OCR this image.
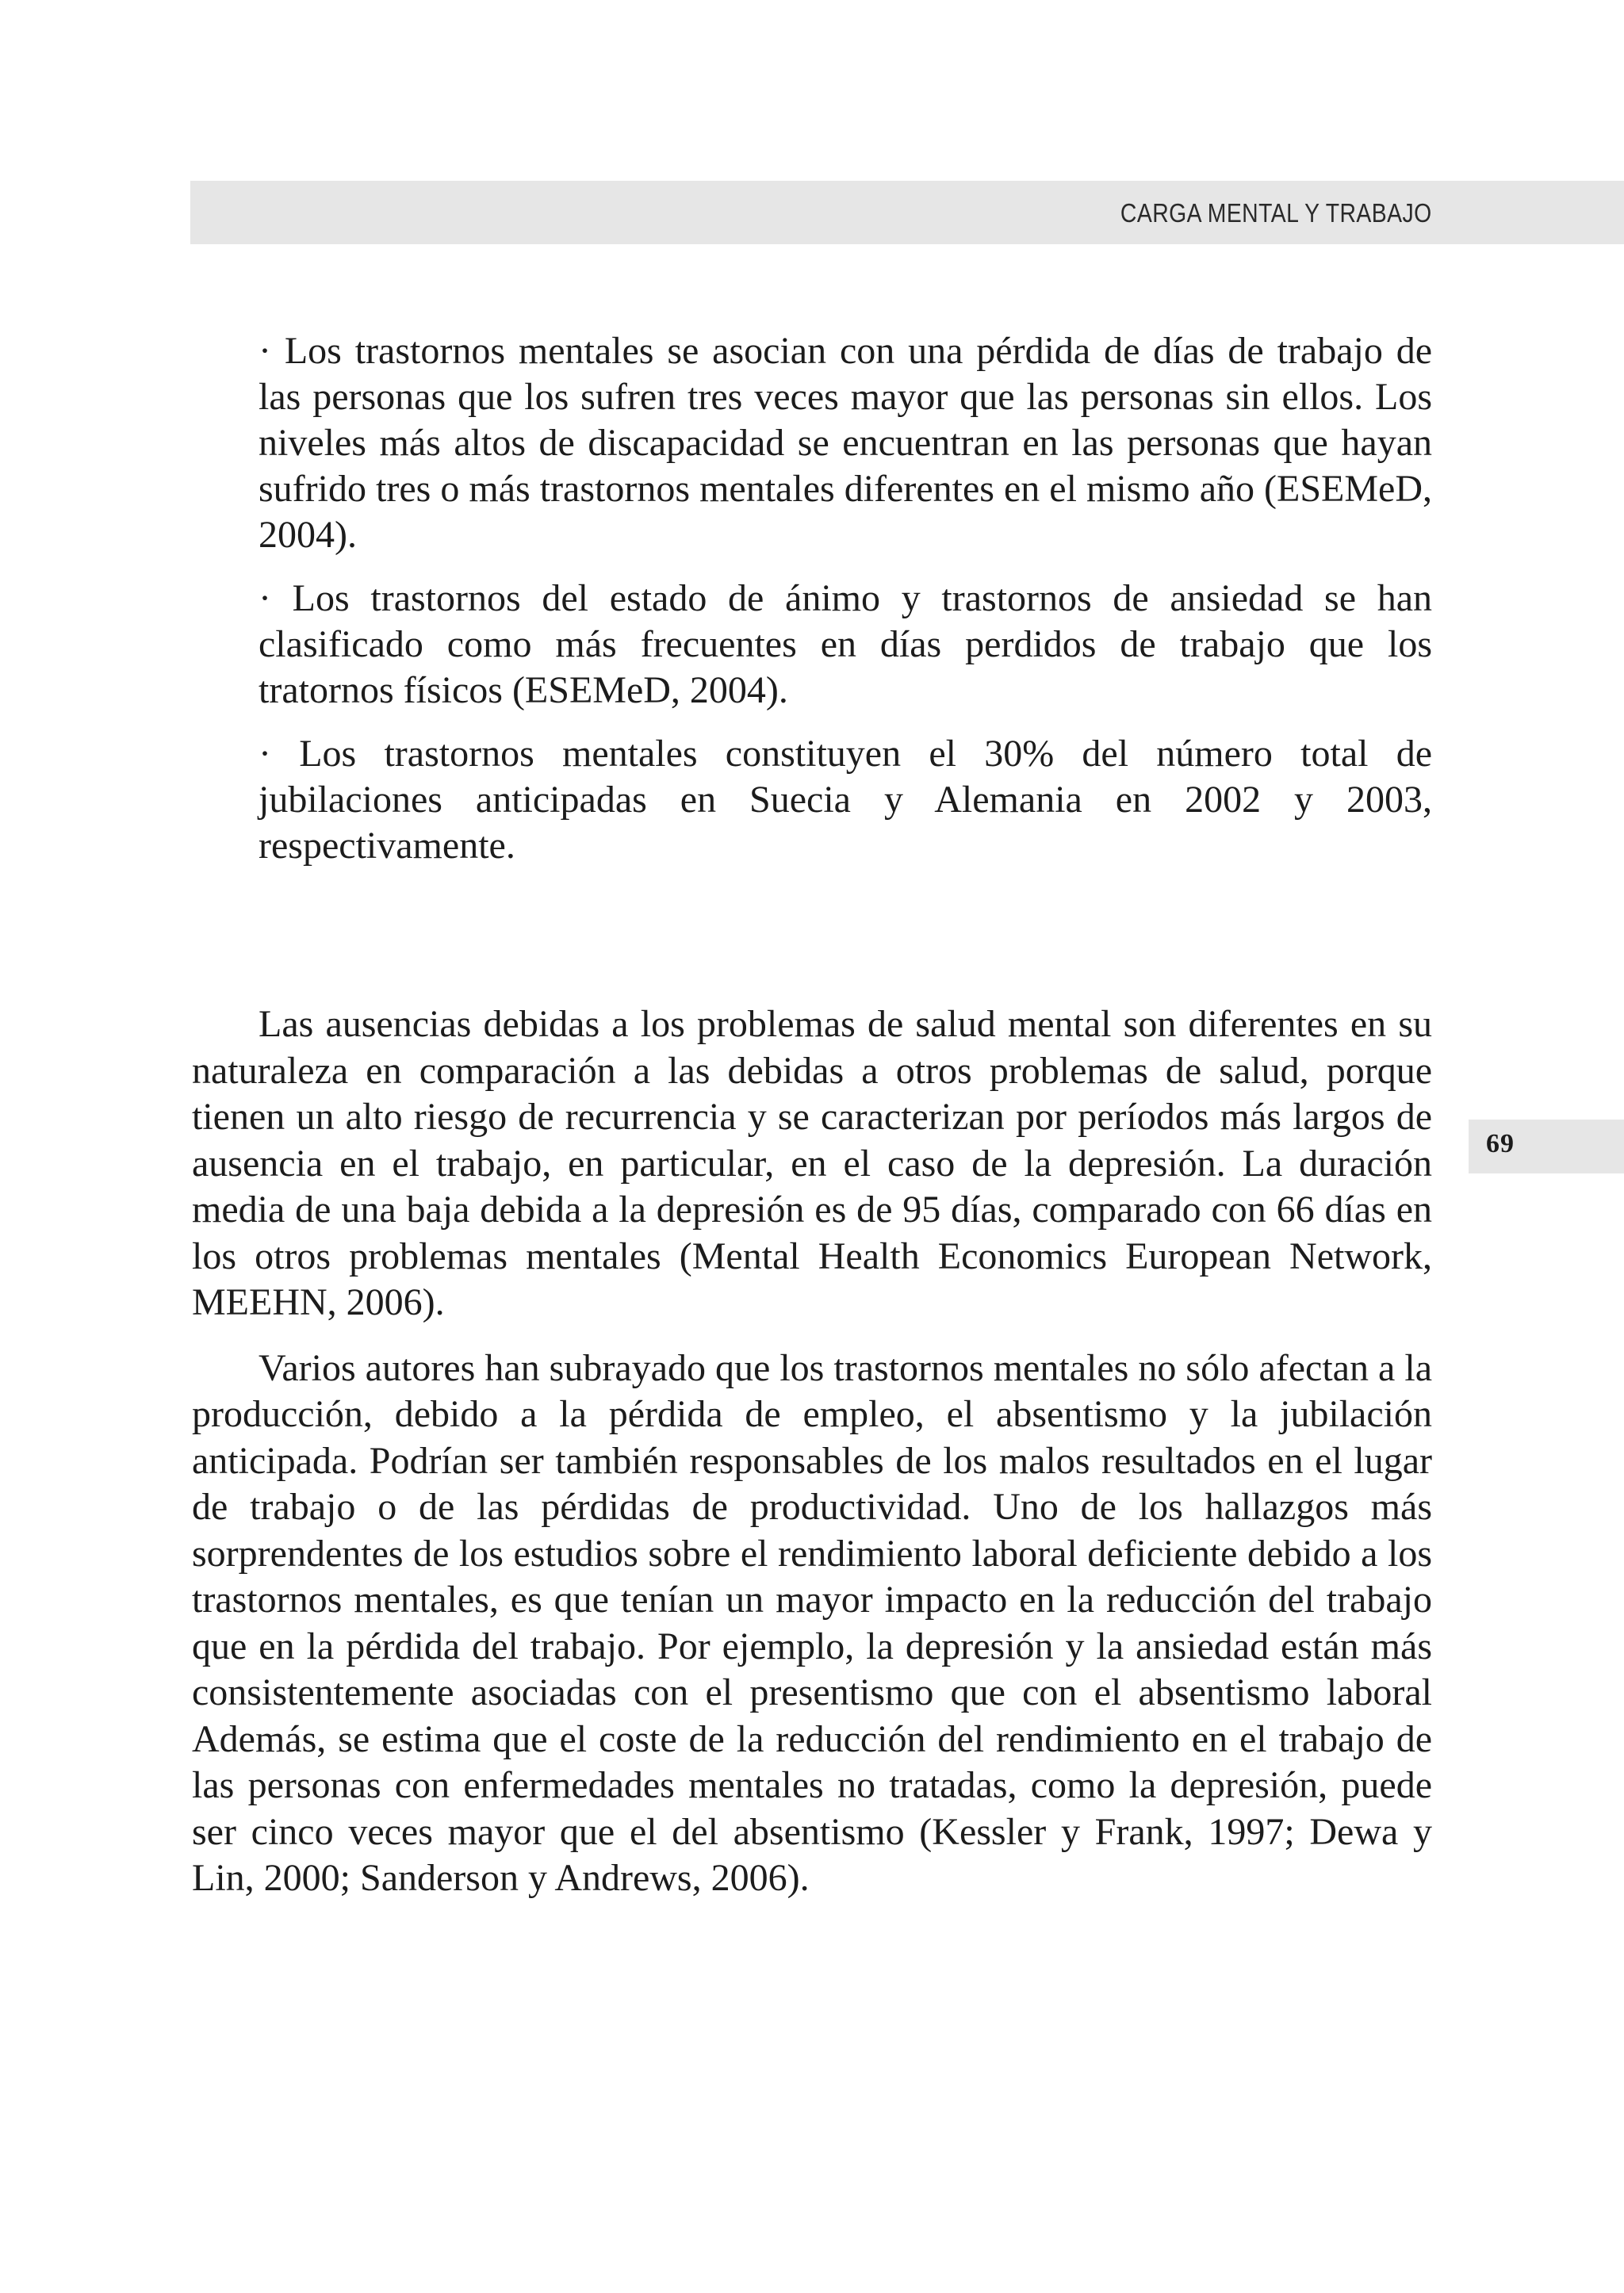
CARGA MENTAL Y TRABAJO
69

· Los trastornos mentales se asocian con una pérdida de días de trabajo de las personas que los sufren tres veces mayor que las personas sin ellos. Los niveles más altos de discapacidad se encuentran en las personas que hayan sufrido tres o más trastornos mentales diferentes en el mismo año (ESEMeD, 2004).

· Los trastornos del estado de ánimo y trastornos de ansiedad se han clasificado como más frecuentes en días perdidos de trabajo que los tratornos físicos (ESEMeD, 2004).

· Los trastornos mentales constituyen el 30% del número total de jubilaciones anticipadas en Suecia y Alemania en 2002 y 2003, respectivamente.

Las ausencias debidas a los problemas de salud mental son diferentes en su naturaleza en comparación a las debidas a otros problemas de salud, porque tienen un alto riesgo de recurrencia y se caracterizan por períodos más largos de ausencia en el trabajo, en particular, en el caso de la depresión. La duración media de una baja debida a la depresión es de 95 días, comparado con 66 días en los otros problemas mentales (Mental Health Economics European Network, MEEHN, 2006).

Varios autores han subrayado que los trastornos mentales no sólo afectan a la producción, debido a la pérdida de empleo, el absentismo y la jubilación anticipada. Podrían ser también responsables de los malos resultados en el lugar de trabajo o de las pérdidas de productividad. Uno de los hallazgos más sorprendentes de los estudios sobre el rendimiento laboral deficiente debido a los trastornos mentales, es que tenían un mayor impacto en la reducción del trabajo que en la pérdida del trabajo. Por ejemplo, la depresión y la ansiedad están más consistentemente asociadas con el presentismo que con el absentismo laboral Además, se estima que el coste de la reducción del rendimiento en el trabajo de las personas con enfermedades mentales no tratadas, como la depresión, puede ser cinco veces mayor que el del absentismo (Kessler y Frank, 1997; Dewa y Lin, 2000; Sanderson y Andrews, 2006).
